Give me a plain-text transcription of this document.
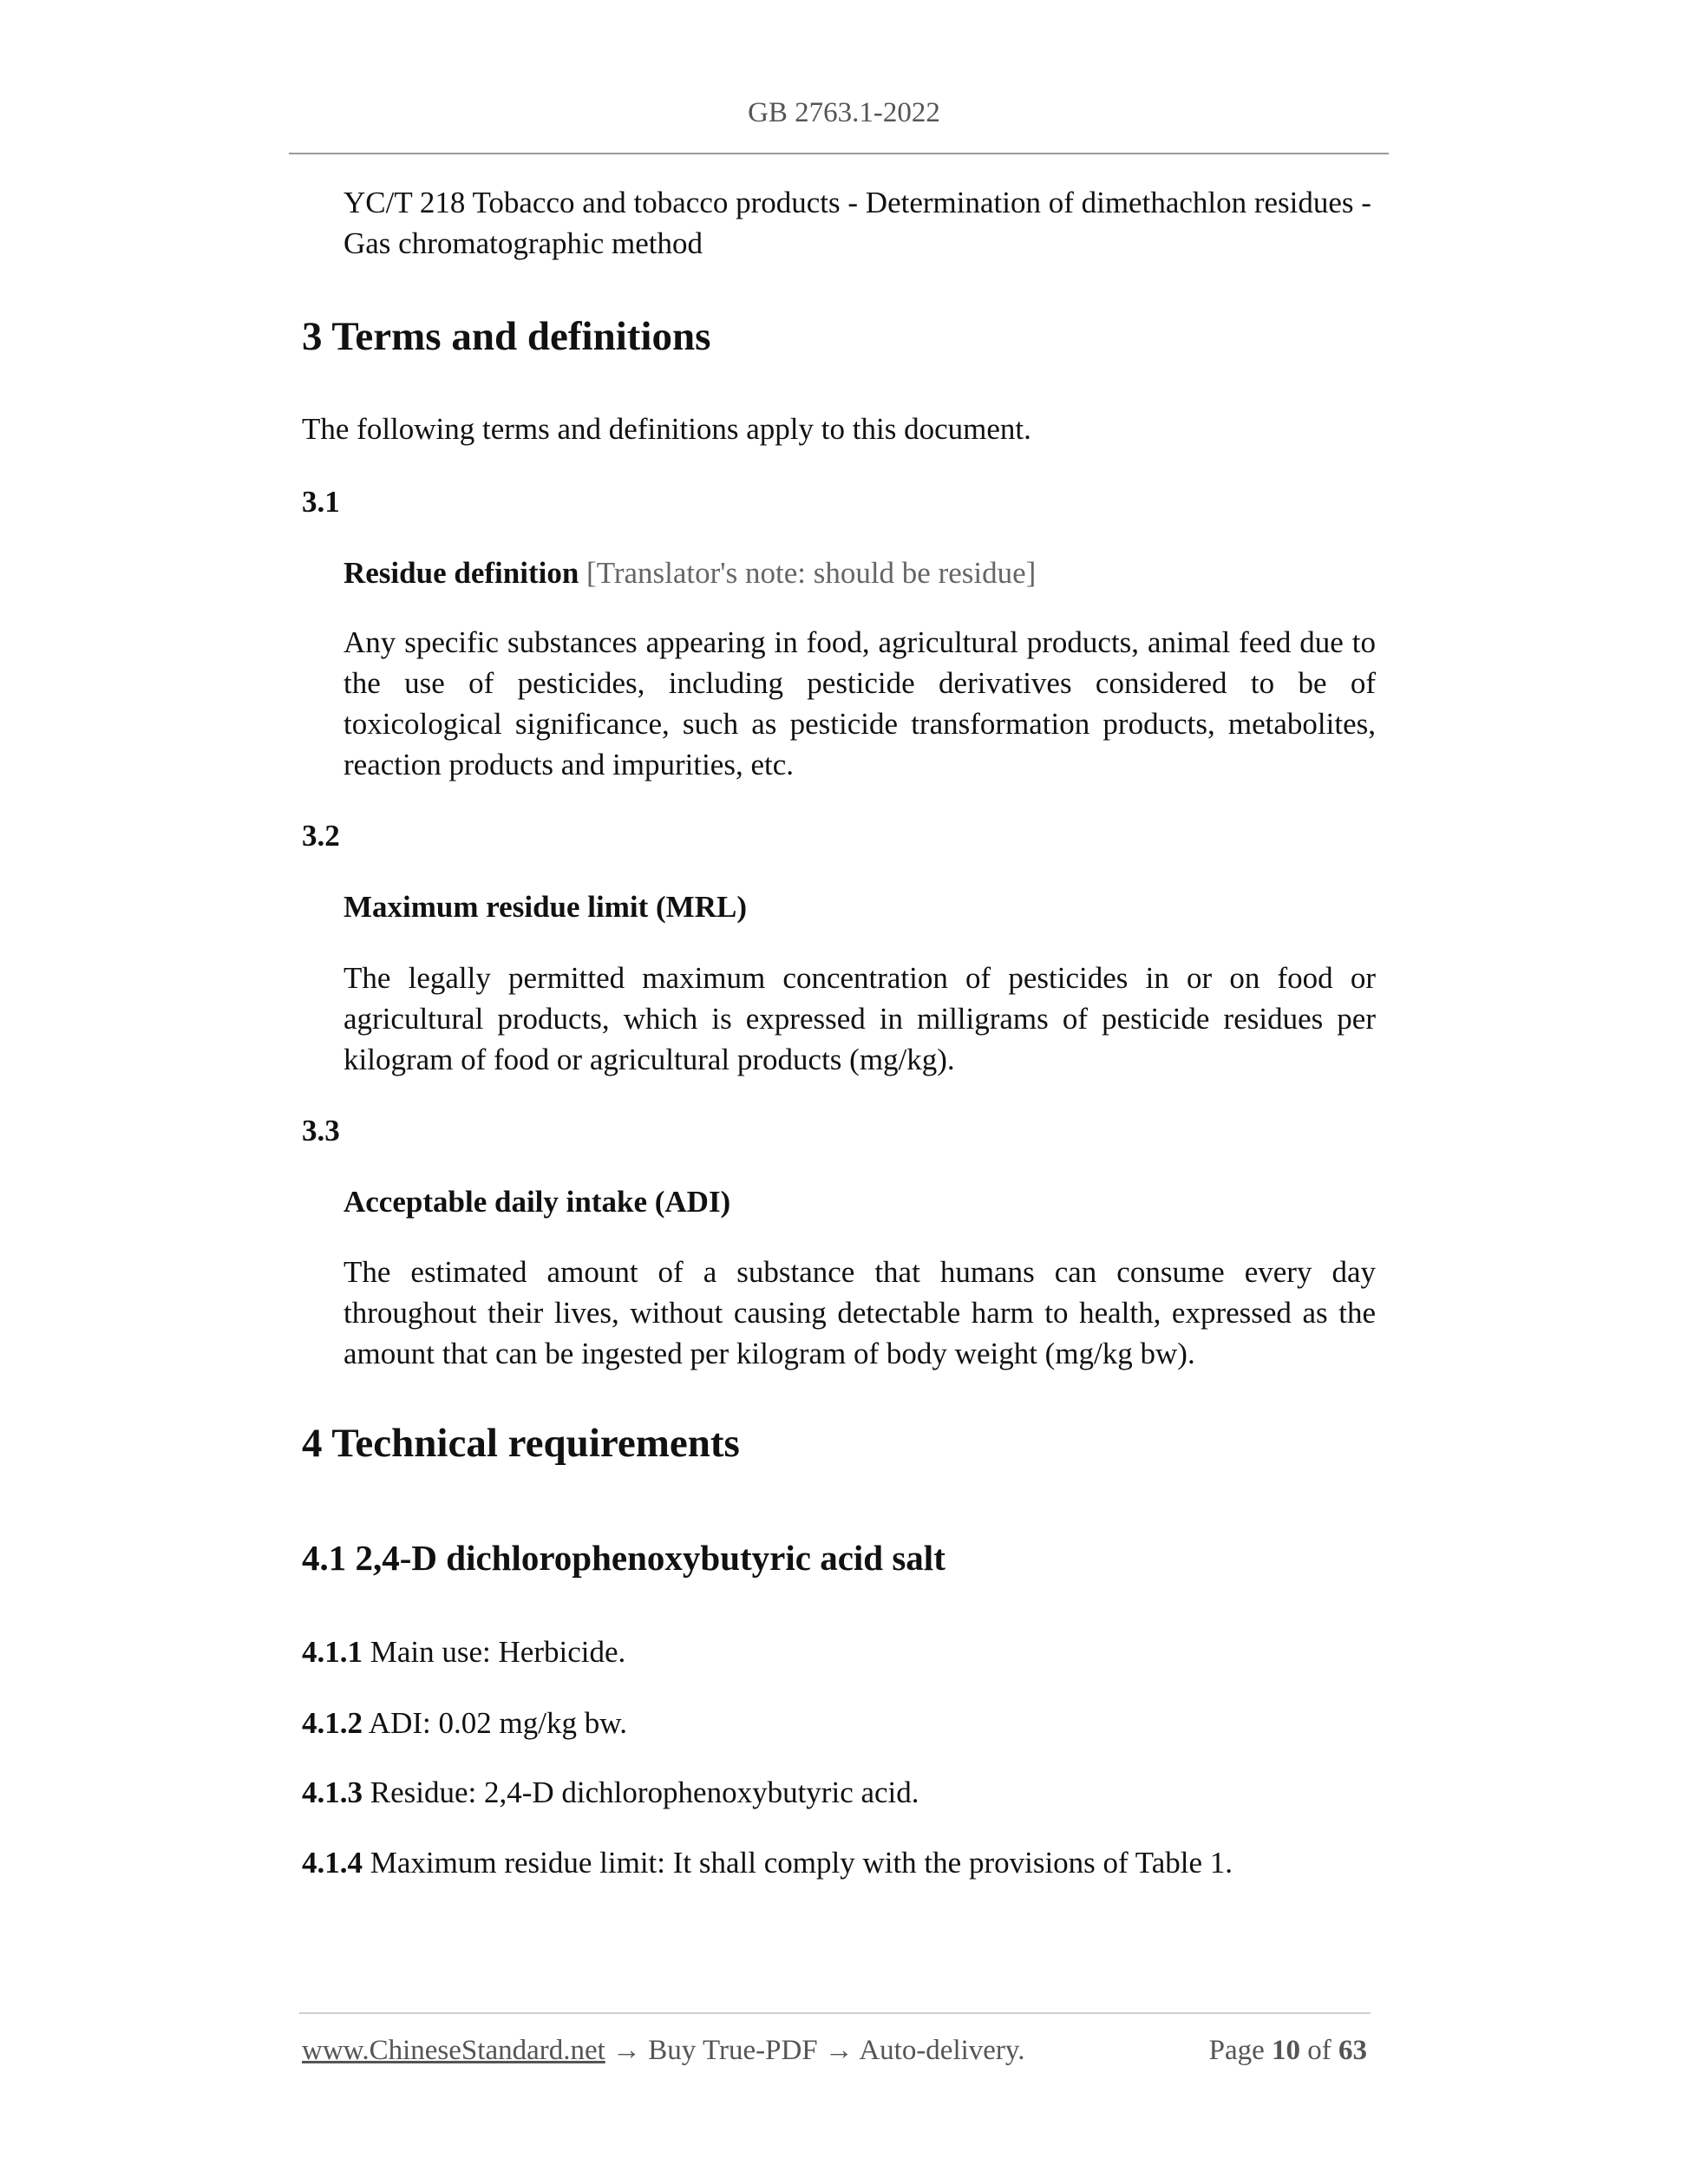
GB 2763.1-2022
YC/T 218 Tobacco and tobacco products - Determination of dimethachlon residues - Gas chromatographic method
3 Terms and definitions
The following terms and definitions apply to this document.
3.1
Residue definition [Translator's note: should be residue]
Any specific substances appearing in food, agricultural products, animal feed due to the use of pesticides, including pesticide derivatives considered to be of toxicological significance, such as pesticide transformation products, metabolites, reaction products and impurities, etc.
3.2
Maximum residue limit (MRL)
The legally permitted maximum concentration of pesticides in or on food or agricultural products, which is expressed in milligrams of pesticide residues per kilogram of food or agricultural products (mg/kg).
3.3
Acceptable daily intake (ADI)
The estimated amount of a substance that humans can consume every day throughout their lives, without causing detectable harm to health, expressed as the amount that can be ingested per kilogram of body weight (mg/kg bw).
4 Technical requirements
4.1 2,4-D dichlorophenoxybutyric acid salt
4.1.1 Main use: Herbicide.
4.1.2 ADI: 0.02 mg/kg bw.
4.1.3 Residue: 2,4-D dichlorophenoxybutyric acid.
4.1.4 Maximum residue limit: It shall comply with the provisions of Table 1.
www.ChineseStandard.net → Buy True-PDF → Auto-delivery.	Page 10 of 63
